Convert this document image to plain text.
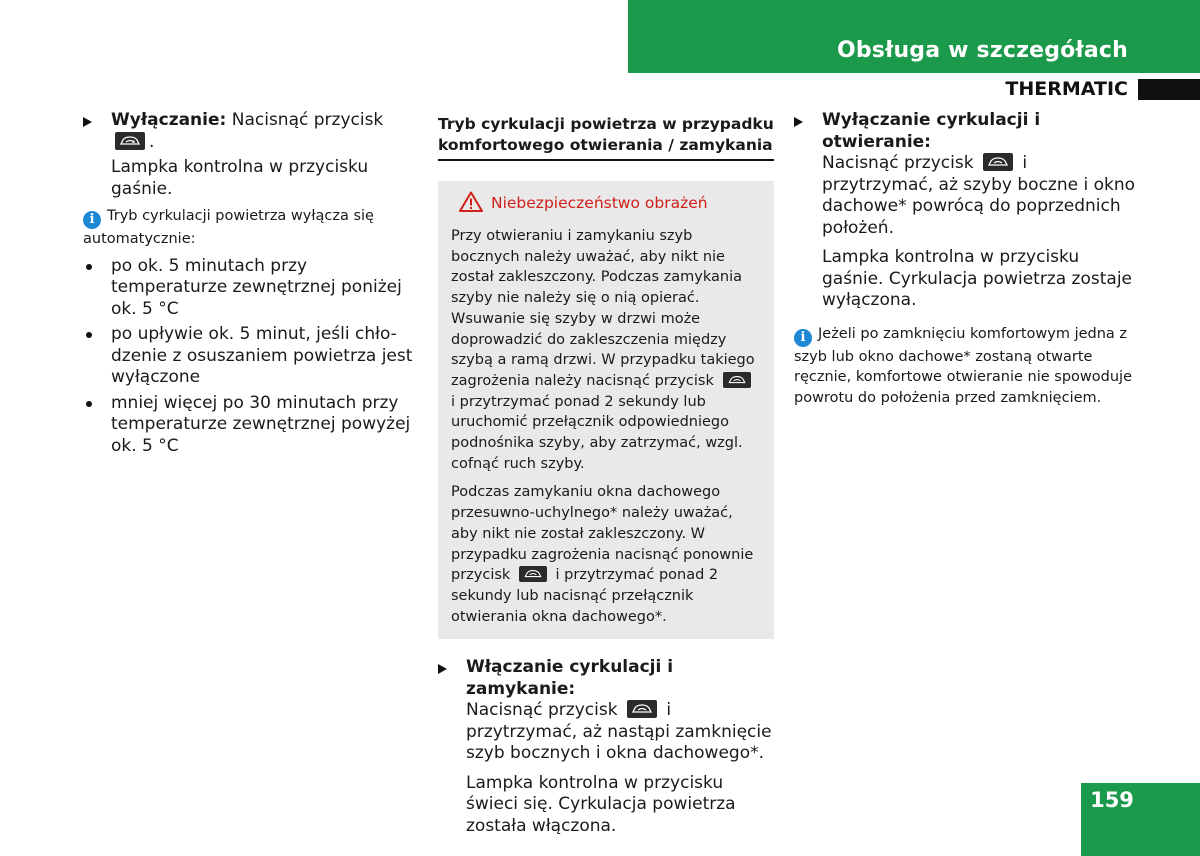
Obsługa w szczegółach
THERMATIC

Wyłączanie: Nacisnąć przycisk
.

Lampka kontrolna w przycisku gaśnie.

i Tryb cyrkulacji powietrza wyłącza się automatycznie:

po ok. 5 minutach przy temperaturze zewnętrznej poniżej ok. 5 °C
po upływie ok. 5 minut, jeśli chło-dzenie z osuszaniem powietrza jest wyłączone
mniej więcej po 30 minutach przy temperaturze zewnętrznej powyżej ok. 5 °C
Tryb cyrkulacji powietrza w przypadku komfortowego otwierania / zamykania
Niebezpieczeństwo obrażeń

Przy otwieraniu i zamykaniu szyb bocznych należy uważać, aby nikt nie został zakleszczony. Podczas zamykania szyby nie należy się o nią opierać. Wsuwanie się szyby w drzwi może doprowadzić do zakleszczenia między szybą a ramą drzwi. W przypadku takiego zagrożenia należy nacisnąć przycisk
i przytrzymać ponad 2 sekundy lub uruchomić przełącznik odpowiedniego podnośnika szyby, aby zatrzymać, wzgl. cofnąć ruch szyby.

Podczas zamykaniu okna dachowego przesuwno-uchylnego* należy uważać, aby nikt nie został zakleszczony. W przypadku zagrożenia nacisnąć ponownie przycisk	i przytrzymać ponad 2 sekundy lub nacisnąć przełącznik otwierania okna dachowego*.

Włączanie cyrkulacji i zamykanie:
Nacisnąć przycisk	i przytrzymać, aż nastąpi zamknięcie szyb bocznych i okna dachowego*.

Lampka kontrolna w przycisku świeci się. Cyrkulacja powietrza została włączona.

Wyłączanie cyrkulacji i otwieranie:
Nacisnąć przycisk	i przytrzymać, aż szyby boczne i okno dachowe* powrócą do poprzednich położeń.

Lampka kontrolna w przycisku gaśnie. Cyrkulacja powietrza zostaje wyłączona.

i Jeżeli po zamknięciu komfortowym jedna z szyb lub okno dachowe* zostaną otwarte ręcznie, komfortowe otwieranie nie spowoduje powrotu do położenia przed zamknięciem.

159
